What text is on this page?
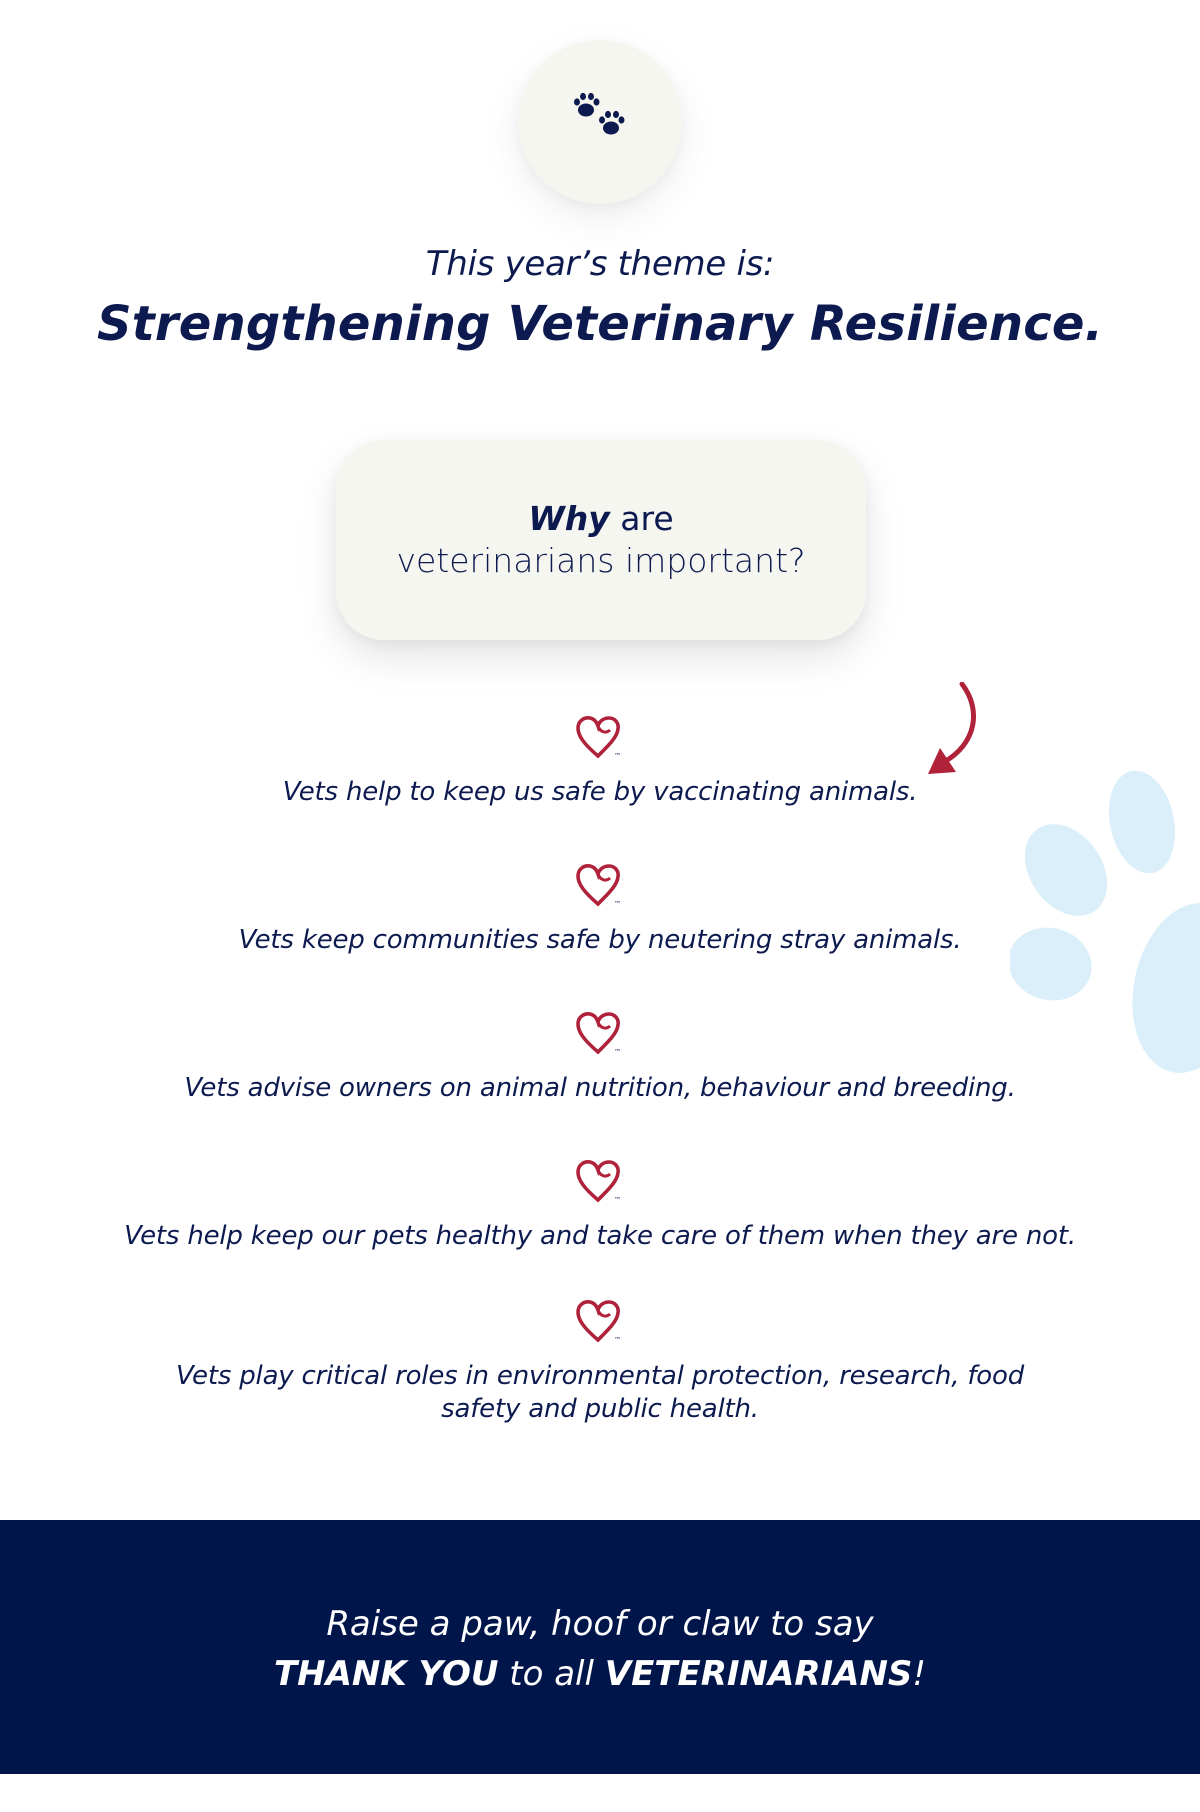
This year’s theme is:
Strengthening Veterinary Resilience.
Why are
veterinarians important?
™
Vets help to keep us safe by vaccinating animals.
™
Vets keep communities safe by neutering stray animals.
™
Vets advise owners on animal nutrition, behaviour and breeding.
™
Vets help keep our pets healthy and take care of them when they are not.
™
Vets play critical roles in environmental protection, research, food safety and public health.
Raise a paw, hoof or claw to say
THANK YOU to all VETERINARIANS!
